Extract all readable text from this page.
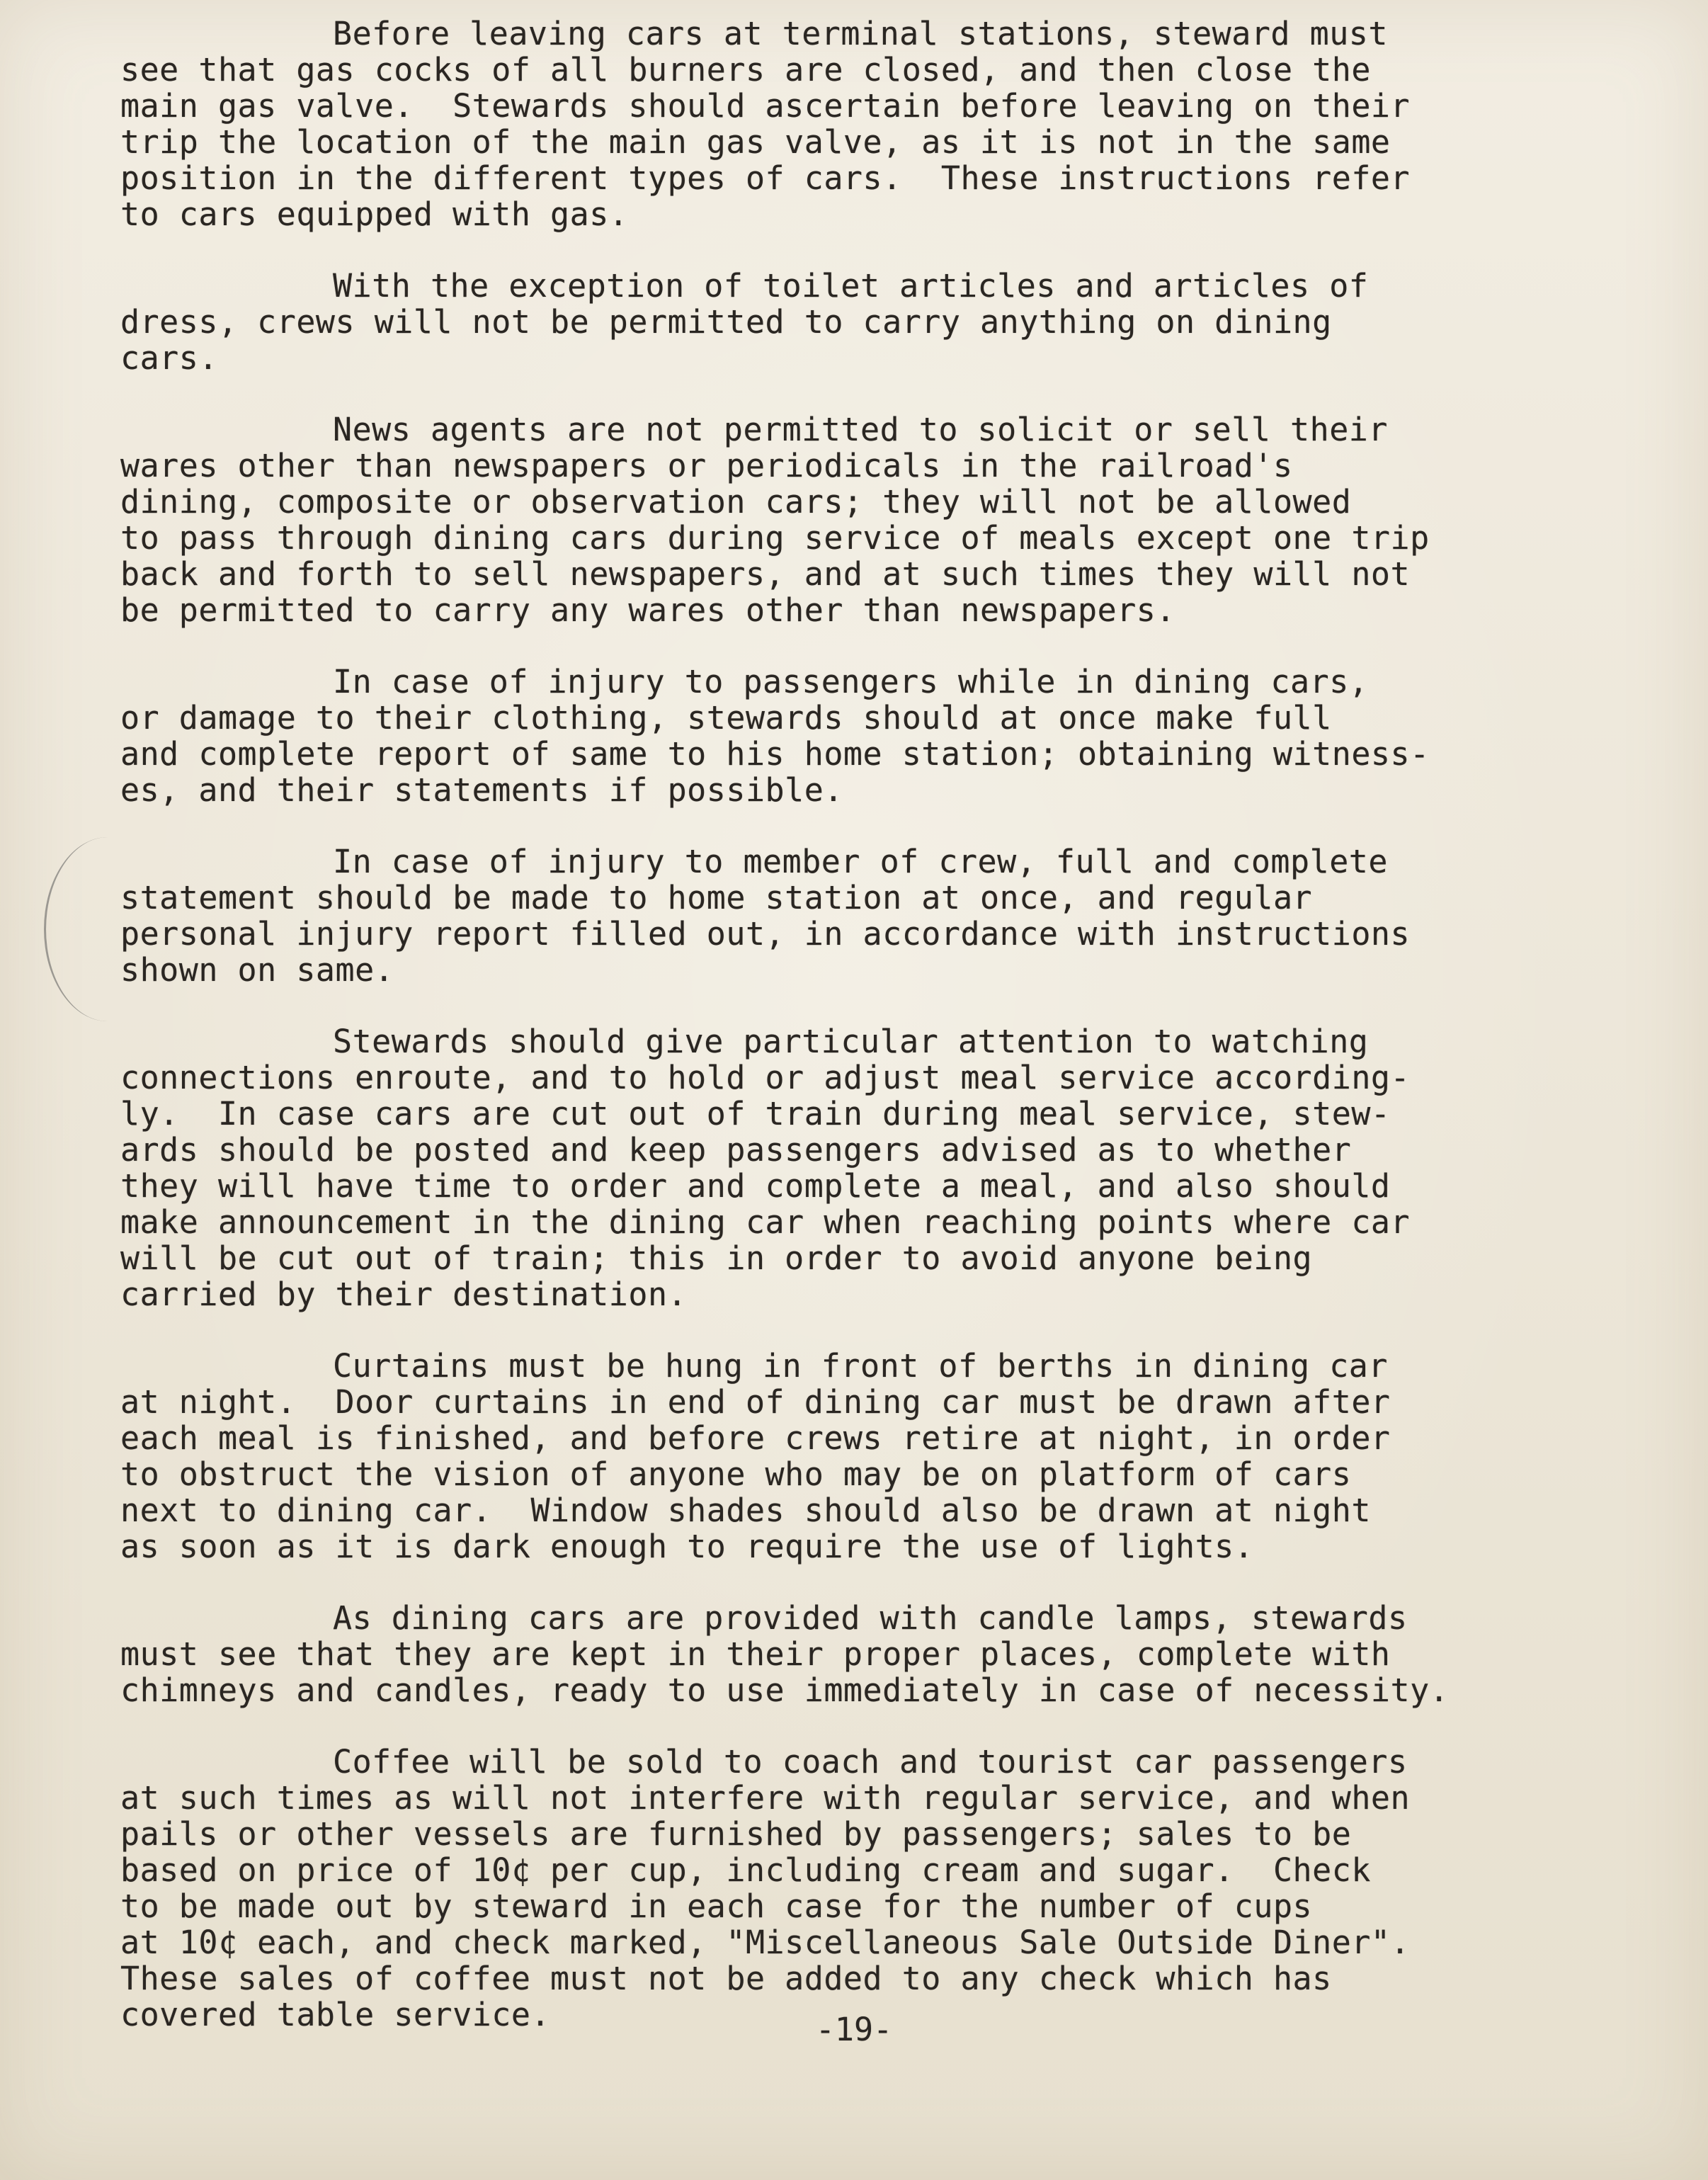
Before leaving cars at terminal stations, steward must
see that gas cocks of all burners are closed, and then close the
main gas valve.  Stewards should ascertain before leaving on their
trip the location of the main gas valve, as it is not in the same
position in the different types of cars.  These instructions refer
to cars equipped with gas.
With the exception of toilet articles and articles of
dress, crews will not be permitted to carry anything on dining
cars.
News agents are not permitted to solicit or sell their
wares other than newspapers or periodicals in the railroad's
dining, composite or observation cars; they will not be allowed
to pass through dining cars during service of meals except one trip
back and forth to sell newspapers, and at such times they will not
be permitted to carry any wares other than newspapers.
In case of injury to passengers while in dining cars,
or damage to their clothing, stewards should at once make full
and complete report of same to his home station; obtaining witness-
es, and their statements if possible.
In case of injury to member of crew, full and complete
statement should be made to home station at once, and regular
personal injury report filled out, in accordance with instructions
shown on same.
Stewards should give particular attention to watching
connections enroute, and to hold or adjust meal service according-
ly.  In case cars are cut out of train during meal service, stew-
ards should be posted and keep passengers advised as to whether
they will have time to order and complete a meal, and also should
make announcement in the dining car when reaching points where car
will be cut out of train; this in order to avoid anyone being
carried by their destination.
Curtains must be hung in front of berths in dining car
at night.  Door curtains in end of dining car must be drawn after
each meal is finished, and before crews retire at night, in order
to obstruct the vision of anyone who may be on platform of cars
next to dining car.  Window shades should also be drawn at night
as soon as it is dark enough to require the use of lights.
As dining cars are provided with candle lamps, stewards
must see that they are kept in their proper places, complete with
chimneys and candles, ready to use immediately in case of necessity.
Coffee will be sold to coach and tourist car passengers
at such times as will not interfere with regular service, and when
pails or other vessels are furnished by passengers; sales to be
based on price of 10¢ per cup, including cream and sugar.  Check
to be made out by steward in each case for the number of cups
at 10¢ each, and check marked, "Miscellaneous Sale Outside Diner".
These sales of coffee must not be added to any check which has
covered table service.	-19-
